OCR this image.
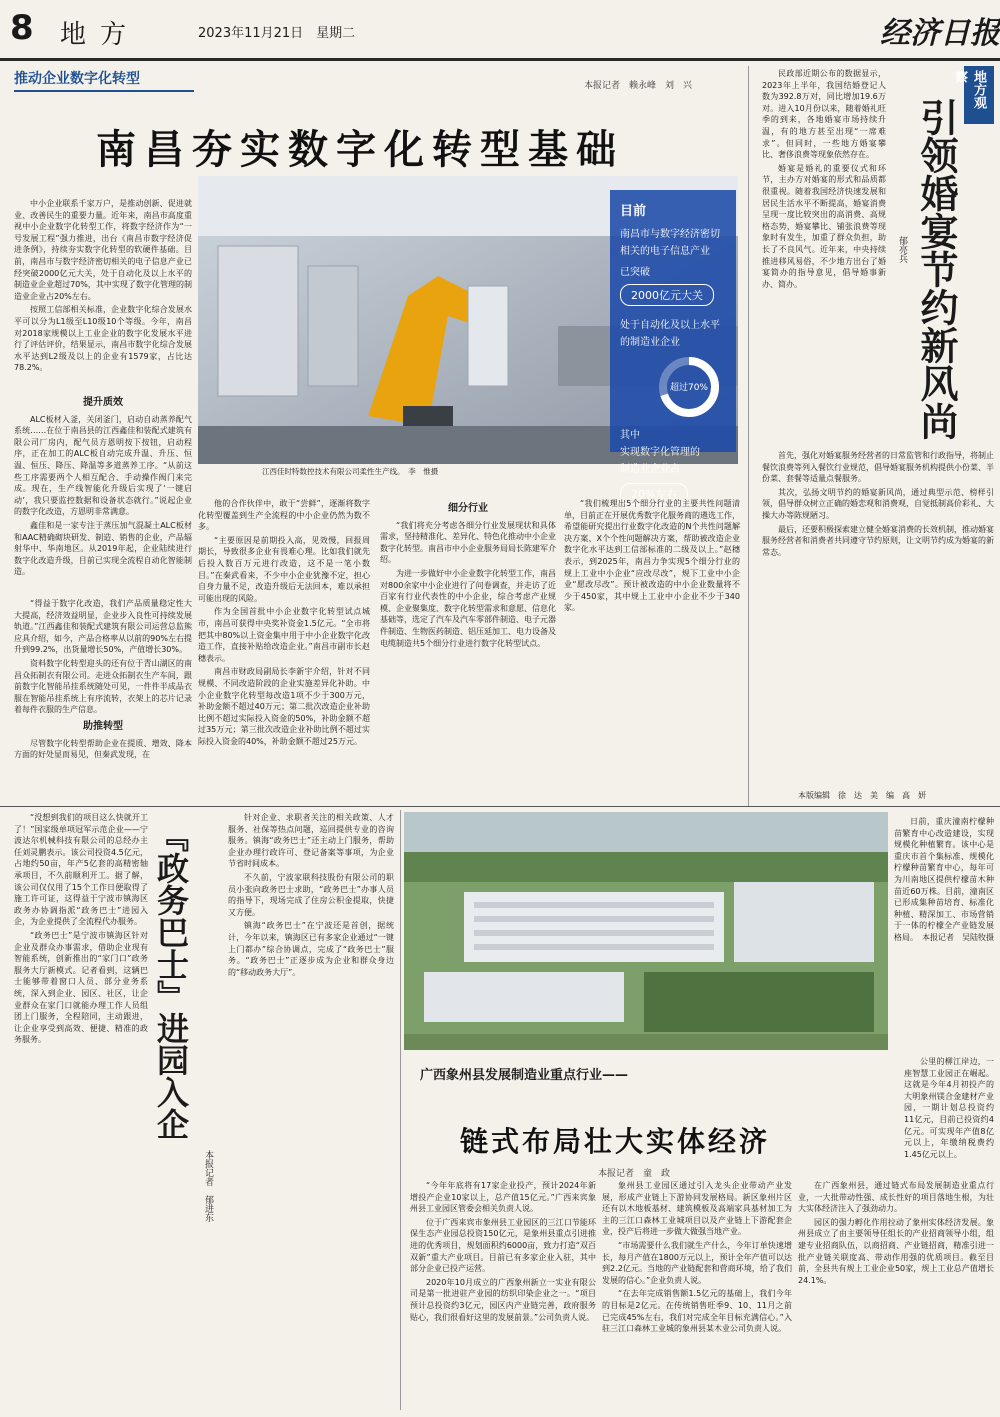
8 地方	2023年11月21日　星期二	经济日报
推动企业数字化转型	本报记者　赖永峰　刘　兴
南昌夯实数字化转型基础

中小企业联系千家万户，是推动创新、促进就业、改善民生的重要力量。近年来，南昌市高度重视中小企业数字化转型工作，将数字经济作为“一号发展工程”强力推进，出台《南昌市数字经济促进条例》，持续夯实数字化转型的软硬件基础。目前，南昌市与数字经济密切相关的电子信息产业已经突破2000亿元大关，处于自动化及以上水平的制造业企业超过70%，其中实现了数字化管理的制造业企业占20%左右。

按照工信部相关标准，企业数字化综合发展水平可以分为L1级至L10级10个等级。今年，南昌对2018家规模以上工业企业的数字化发展水平进行了评估评价，结果显示，南昌市数字化综合发展水平达到L2级及以上的企业有1579家，占比达78.2%。

目前
南昌市与数字经济密切
相关的电子信息产业
已突破
2000亿元大关
处于自动化及以上水平
的制造业企业
超过70%
其中
实现数字化管理的
制造业企业占
20%左右
江西佳时特数控技术有限公司柔性生产线。　李　惟摄
提升质效

ALC板材入釜，关闭釜门，启动自动蒸养配气系统……在位于南昌县的江西鑫佳和装配式建筑有限公司厂房内，配气员方恩明按下按钮，启动程序，正在加工的ALC板自动完成升温、升压、恒温、恒压、降压、降温等多道蒸养工序。“从前这些工序需要两个人相互配合、手动操作阀门来完成。现在，生产线智能化升级后实现了‘一键启动’，我只要监控数据和设备状态就行。”说起企业的数字化改造，方恩明非常满意。

鑫佳和是一家专注于蒸压加气混凝土ALC板材和AAC精确砌块研发、制造、销售的企业，产品辐射华中、华南地区。从2019年起，企业陆续进行数字化改造升级，目前已实现全流程自动化智能制造。

“得益于数字化改造，我们产品质量稳定性大大提高，经济效益明显，企业步入良性可持续发展轨道。”江西鑫佳和装配式建筑有限公司运营总监熊应具介绍，如今，产品合格率从以前的90%左右提升到99.2%，出货量增长50%，产值增长30%。

资料数字化转型迎头的还有位于青山湖区的南昌众拓制衣有限公司。走进众拓制衣生产车间，跟前数字化智能吊挂系统随处可见，一件件半成品衣服在智能吊挂系统上有序流转，衣架上的芯片记录着每件衣服的生产信息。

助推转型

尽管数字化转型帮助企业在提质、增效、降本方面的好处显而易见，但秦武发现，在

他的合作伙伴中，敢于“尝鲜”，逐渐将数字化转型覆盖到生产全流程的中小企业仍然为数不多。

“主要原因是前期投入高，见效慢，回报周期长，导致很多企业有畏难心理。比如我们就先后投入数百万元进行改造，这不是一笔小数目。”在秦武看来，不少中小企业犹豫不定，担心自身力量不足，改造升级后无法回本，难以承担可能出现的风险。

作为全国首批中小企业数字化转型试点城市，南昌可获得中央奖补资金1.5亿元。“全市将把其中80%以上资金集中用于中小企业数字化改造工作，直接补贴给改造企业。”南昌市副市长赵穗表示。

南昌市财政局副局长李新宇介绍，针对不同规模、不同改造阶段的企业实施差异化补助。中小企业数字化转型每改造1项不少于300万元，补助金额不超过40万元；第二批次改造企业补助比例不超过实际投入资金的50%，补助金额不超过35万元；第三批次改造企业补助比例不超过实际投入资金的40%，补助金额不超过25万元。

细分行业

“我们将充分考虑各细分行业发展现状和具体需求，坚持精准化、差异化、特色化推动中小企业数字化转型。南昌市中小企业服务局局长陈建军介绍。

为进一步做好中小企业数字化转型工作，南昌对800余家中小企业进行了问卷调查，并走访了近百家有行业代表性的中小企业，综合考虑产业规模、企业聚集度、数字化转型需求和意愿、信息化基础等，选定了汽车及汽车零部件制造、电子元器件制造、生物医药制造、铝压延加工、电力设备及电缆制造共5个细分行业进行数字化转型试点。

“我们梳理出5个细分行业的主要共性问题清单，目前正在开展优秀数字化服务商的遴选工作，希望能研究提出行业数字化改造的N个共性问题解决方案、X个个性问题解决方案，帮助被改造企业数字化水平达到工信部标准的二级及以上。”赵穗表示，到2025年，南昌力争实现5个细分行业的规上工业中小企业“应改尽改”，规下工业中小企业“愿改尽改”。预计被改造的中小企业数量将不少于450家，其中规上工业中小企业不少于340家。

地方观察
引领婚宴节约新风尚
郁亮兵

民政部近期公布的数据显示，2023年上半年，我国结婚登记人数为392.8万对，同比增加19.6万对。进入10月份以来，随着婚礼旺季的到来，各地婚宴市场持续升温，有的地方甚至出现“一席难求”。但同时，一些地方婚宴攀比、奢侈浪费等现象依然存在。

婚宴是婚礼的重要仪式和环节，主办方对婚宴的形式和品质都很重视。随着我国经济快速发展和居民生活水平不断提高，婚宴消费呈现一度比较突出的高消费、高规格态势，婚宴攀比、铺张浪费等现象时有发生，加重了群众负担，助长了不良风气。近年来，中央持续推进移风易俗，不少地方出台了婚宴简办的指导意见，倡导婚事新办、简办。

首先，强化对婚宴服务经营者的日常监管和行政指导，将制止餐饮浪费等列入餐饮行业规范，倡导婚宴服务机构提供小份菜、半份菜、套餐等适量点餐服务。

其次，弘扬文明节约的婚宴新风尚，通过典型示范、榜样引领，倡导群众树立正确的婚恋观和消费观，自觉抵制高价彩礼、大操大办等陈规陋习。

最后，还要积极探索建立健全婚宴消费的长效机制，推动婚宴服务经营者和消费者共同遵守节约原则，让文明节约成为婚宴的新常态。

本版编辑　徐　达　美　编　高　妍

“没想到我们的项目这么快就开工了！”国家级单项冠军示范企业——宁波达尔机械科技有限公司的总经办主任刘灵鹏表示。该公司投资4.5亿元，占地约50亩，年产5亿套的高精密轴承项目，不久前顺利开工。据了解，该公司仅仅用了15个工作日便取得了施工许可证，这得益于宁波市镇海区政务办协调指派“政务巴士”进园入企，为企业提供了全流程代办服务。

“政务巴士”是宁波市镇海区针对企业及群众办事需求，借助企业现有智能系统，创新推出的“家门口”政务服务大厅新模式。记者看到，这辆巴士能够带着窗口人员、部分业务系统，深入到企业、园区、社区，让企业群众在家门口就能办理工作人员组团上门服务，全程陪同，主动跟进，让企业享受到高效、便捷、精准的政务服务。	『政务巴士』进园入企
本报记者　郁进东

针对企业、求职者关注的相关政策、人才服务、社保等热点问题，巡回提供专业的咨询服务。镇海“政务巴士”还主动上门服务，帮助企业办理行政许可、登记备案等事项，为企业节省时间成本。

不久前，宁波家联科技股份有限公司的职员小张向政务巴士求助，“政务巴士”办事人员的指导下，现场完成了住房公积金提取，快捷又方便。

镇海“政务巴士”在宁波还是首创，据统计，今年以来，镇海区已有多家企业通过“一键上门都办”综合协调点，完成了“政务巴士”服务。“政务巴士”正逐步成为企业和群众身边的“移动政务大厅”。

日前，重庆潼南柠檬种苗繁育中心改造建设，实现规模化种植繁育。该中心是重庆市首个集标准、规模化柠檬种苗繁育中心，每年可为川南地区提供柠檬苗木种苗近60万株。目前，潼南区已形成集种苗培育、标准化种植、精深加工、市场营销于一体的柠檬全产业链发展格局。　本报记者　吴陆牧摄

广西象州县发展制造业重点行业——
链式布局壮大实体经济
本报记者　童　政

公里的柳江岸边，一座智慧工业园正在崛起。这就是今年4月初投产的大明象州镁合金建材产业园，一期计划总投资约11亿元，目前已投资约4亿元。可实现年产值8亿元以上，年缴纳税费约1.45亿元以上。

“今年年底将有17家企业投产，预计2024年新增投产企业10家以上，总产值15亿元。”广西来宾象州县工业园区管委会相关负责人说。

位于广西来宾市象州县工业园区的三江口节能环保生态产业园总投资150亿元，是象州县重点引进推进的优秀项目，规划面积约6000亩，致力打造“双百双新”重大产业项目。目前已有多家企业入驻，其中部分企业已投产运营。

2020年10月成立的广西象州新立一实业有限公司是第一批进驻产业园的纺织印染企业之一。“项目预计总投资约3亿元，园区内产业链完善，政府服务贴心，我们很看好这里的发展前景。”公司负责人说。

象州县工业园区通过引入龙头企业带动产业发展，形成产业链上下游协同发展格局。新区象州片区还有以木地板基材、建筑模板及高端家具基材加工为主的三江口森林工业城项目以及产业链上下游配套企业，投产后将进一步做大做强当地产业。

“市场需要什么我们就生产什么，今年订单快速增长，每月产值在1800万元以上，预计全年产值可以达到2.2亿元。当地的产业链配套和营商环境，给了我们发展的信心。”企业负责人说。

“在去年完成销售额1.5亿元的基础上，我们今年的目标是2亿元。在传统销售旺季9、10、11月之前已完成45%左右，我们对完成全年目标充满信心。”入驻三江口森林工业城的象州县某木业公司负责人说。

在广西象州县，通过链式布局发展制造业重点行业，一大批带动性强、成长性好的项目落地生根，为壮大实体经济注入了强劲动力。

园区的强力孵化作用拉动了象州实体经济发展。象州县成立了由主要领导任组长的产业招商领导小组，组建专业招商队伍，以商招商、产业链招商，精准引进一批产业链关联度高、带动作用强的优质项目。截至目前，全县共有规上工业企业50家，规上工业总产值增长24.1%。
